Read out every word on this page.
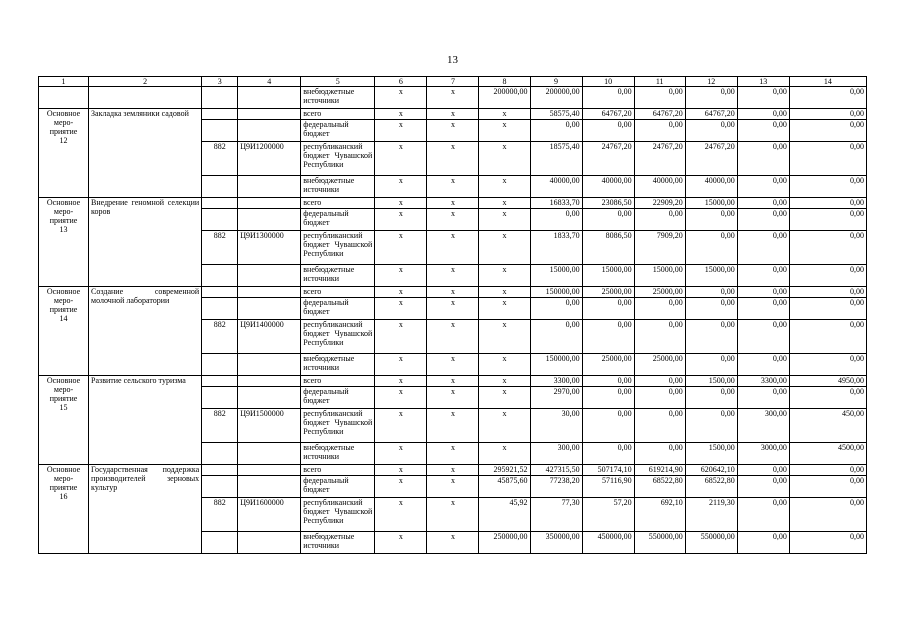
13
1	2	3	4	5	6	7	8	9	10	11	12	13	14
				внебюджетные источники	x	x	200000,00	200000,00	0,00	0,00	0,00	0,00	0,00

Основное
меро-
приятие
12	Закладка земляники садовой			всего	x	x	x	58575,40	64767,20	64767,20	64767,20	0,00	0,00
				федеральный бюджет	x	x	x	0,00	0,00	0,00	0,00	0,00	0,00
		882	Ц9И1200000	республиканский бюджет Чувашской Республики	x	x	x	18575,40	24767,20	24767,20	24767,20	0,00	0,00
				внебюджетные источники	x	x	x	40000,00	40000,00	40000,00	40000,00	0,00	0,00

Основное
меро-
приятие
13	Внедрение геномной селекции коров			всего	x	x	x	16833,70	23086,50	22909,20	15000,00	0,00	0,00
				федеральный бюджет	x	x	x	0,00	0,00	0,00	0,00	0,00	0,00
		882	Ц9И1300000	республиканский бюджет Чувашской Республики	x	x	x	1833,70	8086,50	7909,20	0,00	0,00	0,00
				внебюджетные источники	x	x	x	15000,00	15000,00	15000,00	15000,00	0,00	0,00

Основное
меро-
приятие
14	Создание современной молочной лаборатории			всего	x	x	x	150000,00	25000,00	25000,00	0,00	0,00	0,00
				федеральный бюджет	x	x	x	0,00	0,00	0,00	0,00	0,00	0,00
		882	Ц9И1400000	республиканский бюджет Чувашской Республики	x	x	x	0,00	0,00	0,00	0,00	0,00	0,00
				внебюджетные источники	x	x	x	150000,00	25000,00	25000,00	0,00	0,00	0,00

Основное
меро-
приятие
15	Развитие сельского туризма			всего	x	x	x	3300,00	0,00	0,00	1500,00	3300,00	4950,00
				федеральный бюджет	x	x	x	2970,00	0,00	0,00	0,00	0,00	0,00
		882	Ц9И1500000	республиканский бюджет Чувашской Республики	x	x	x	30,00	0,00	0,00	0,00	300,00	450,00
				внебюджетные источники	x	x	x	300,00	0,00	0,00	1500,00	3000,00	4500,00

Основное
меро-
приятие
16	Государственная поддержка производителей зерновых культур			всего	x	x	295921,52	427315,50	507174,10	619214,90	620642,10	0,00	0,00
				федеральный бюджет	x	x	45875,60	77238,20	57116,90	68522,80	68522,80	0,00	0,00
		882	Ц9И1600000	республиканский бюджет Чувашской Республики	x	x	45,92	77,30	57,20	692,10	2119,30	0,00	0,00
				внебюджетные источники	x	x	250000,00	350000,00	450000,00	550000,00	550000,00	0,00	0,00
